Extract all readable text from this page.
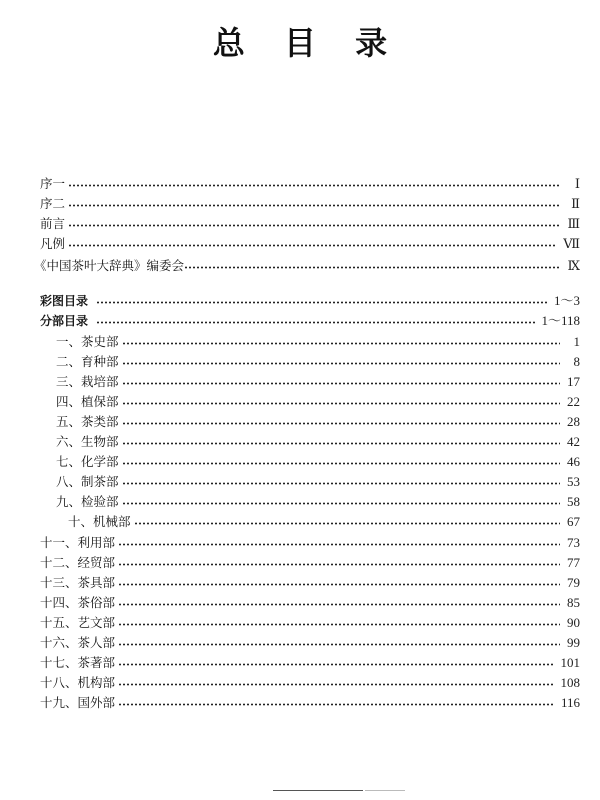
总 目 录
序一	Ⅰ
序二	Ⅱ
前言	Ⅲ
凡例	Ⅶ
《中国茶叶大辞典》编委会	Ⅸ
彩图目录	1～3
分部目录	1～118
一、茶史部	1
二、育种部	8
三、栽培部	17
四、植保部	22
五、茶类部	28
六、生物部	42
七、化学部	46
八、制茶部	53
九、检验部	58
十、机械部	67
十一、利用部	73
十二、经贸部	77
十三、茶具部	79
十四、茶俗部	85
十五、艺文部	90
十六、茶人部	99
十七、茶著部	101
十八、机构部	108
十九、国外部	116
